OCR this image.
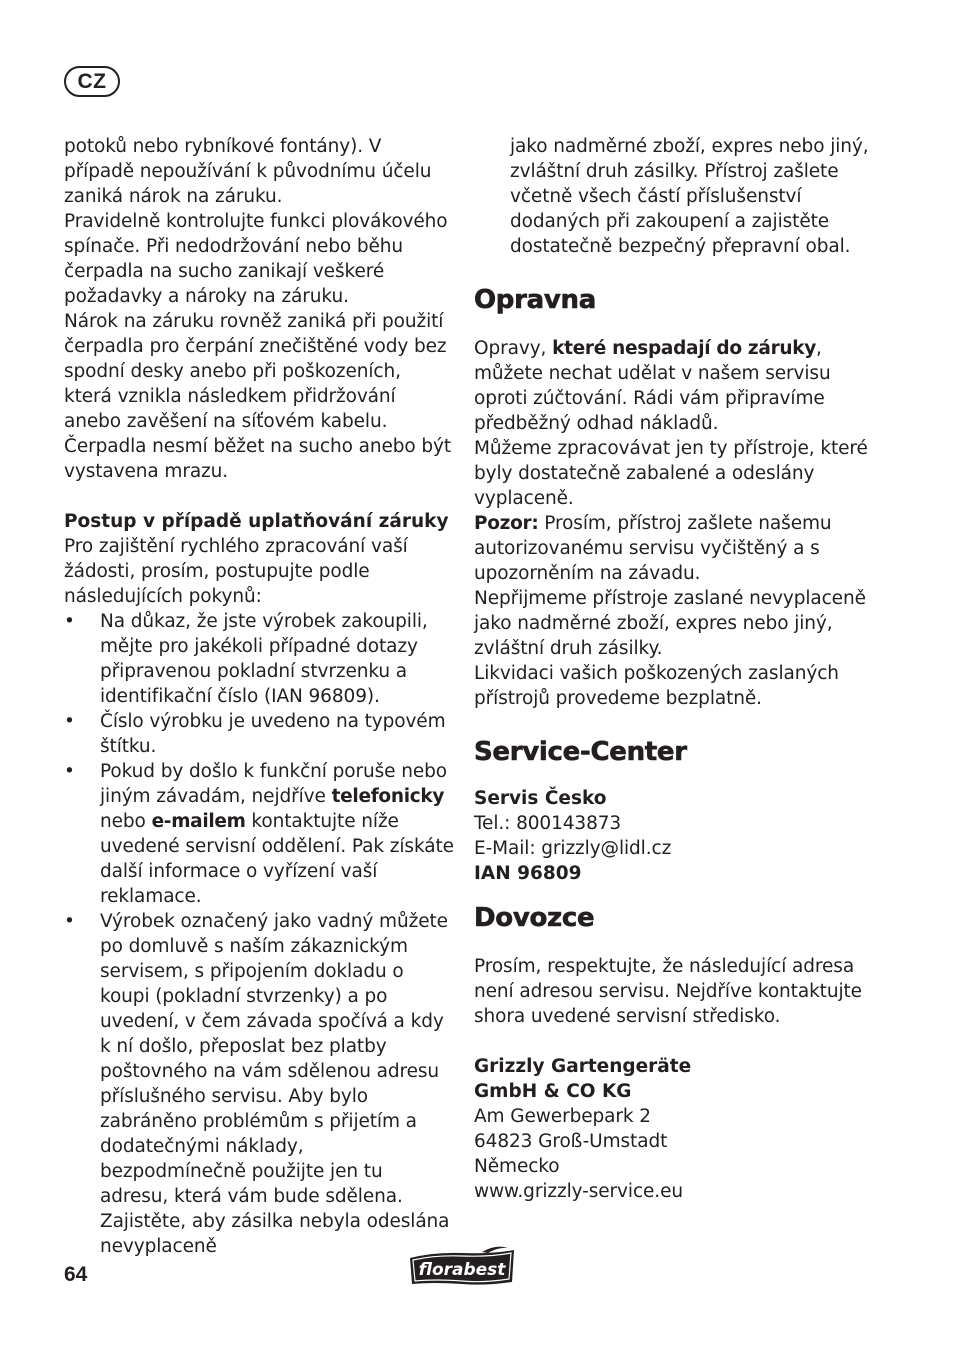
CZ

potoků nebo rybníkové fontány). V případě nepoužívání k původnímu účelu zaniká nárok na záruku.

Pravidelně kontrolujte funkci plovákového spínače. Při nedodržování nebo běhu čerpadla na sucho zanikají veškeré požadavky a nároky na záruku.

Nárok na záruku rovněž zaniká při použití čerpadla pro čerpání znečištěné vody bez spodní desky anebo při poškozeních, která vznikla následkem přidržování anebo zavěšení na síťovém kabelu. Čerpadla nesmí běžet na sucho anebo být vystavena mrazu.

Postup v případě uplatňování záruky

Pro zajištění rychlého zpracování vaší žádosti, prosím, postupujte podle následujících pokynů:

• Na důkaz, že jste výrobek zakoupili, mějte pro jakékoli případné dotazy připravenou pokladní stvrzenku a identifikační číslo (IAN 96809).
• Číslo výrobku je uvedeno na typovém štítku.
• Pokud by došlo k funkční poruše nebo jiným závadám, nejdříve telefonicky nebo e-mailem kontaktujte níže uvedené servisní oddělení. Pak získáte další informace o vyřízení vaší reklamace.
• Výrobek označený jako vadný můžete po domluvě s naším zákaznickým servisem, s připojením dokladu o koupi (pokladní stvrzenky) a po uvedení, v čem závada spočívá a kdy k ní došlo, přeposlat bez platby poštovného na vám sdělenou adresu příslušného servisu. Aby bylo zabráněno problémům s přijetím a dodatečnými náklady, bezpodmínečně použijte jen tu adresu, která vám bude sdělena. Zajistěte, aby zásilka nebyla odeslána nevyplaceně

jako nadměrné zboží, expres nebo jiný, zvláštní druh zásilky. Přístroj zašlete včetně všech částí příslušenství dodaných při zakoupení a zajistěte dostatečně bezpečný přepravní obal.

Opravna

Opravy, které nespadají do záruky, můžete nechat udělat v našem servisu oproti zúčtování. Rádi vám připravíme předběžný odhad nákladů.

Můžeme zpracovávat jen ty přístroje, které byly dostatečně zabalené a odeslány vyplaceně.

Pozor: Prosím, přístroj zašlete našemu autorizovanému servisu vyčištěný a s upozorněním na závadu.

Nepřijmeme přístroje zaslané nevyplaceně jako nadměrné zboží, expres nebo jiný, zvláštní druh zásilky.

Likvidaci vašich poškozených zaslaných přístrojů provedeme bezplatně.

Service-Center

Servis Česko

Tel.: 800143873

E-Mail: grizzly@lidl.cz

IAN 96809

Dovozce

Prosím, respektujte, že následující adresa není adresou servisu. Nejdříve kontaktujte shora uvedené servisní středisko.

Grizzly Gartengeräte

GmbH & CO KG

Am Gewerbepark 2

64823 Groß-Umstadt

Německo

www.grizzly-service.eu

64	florabest
